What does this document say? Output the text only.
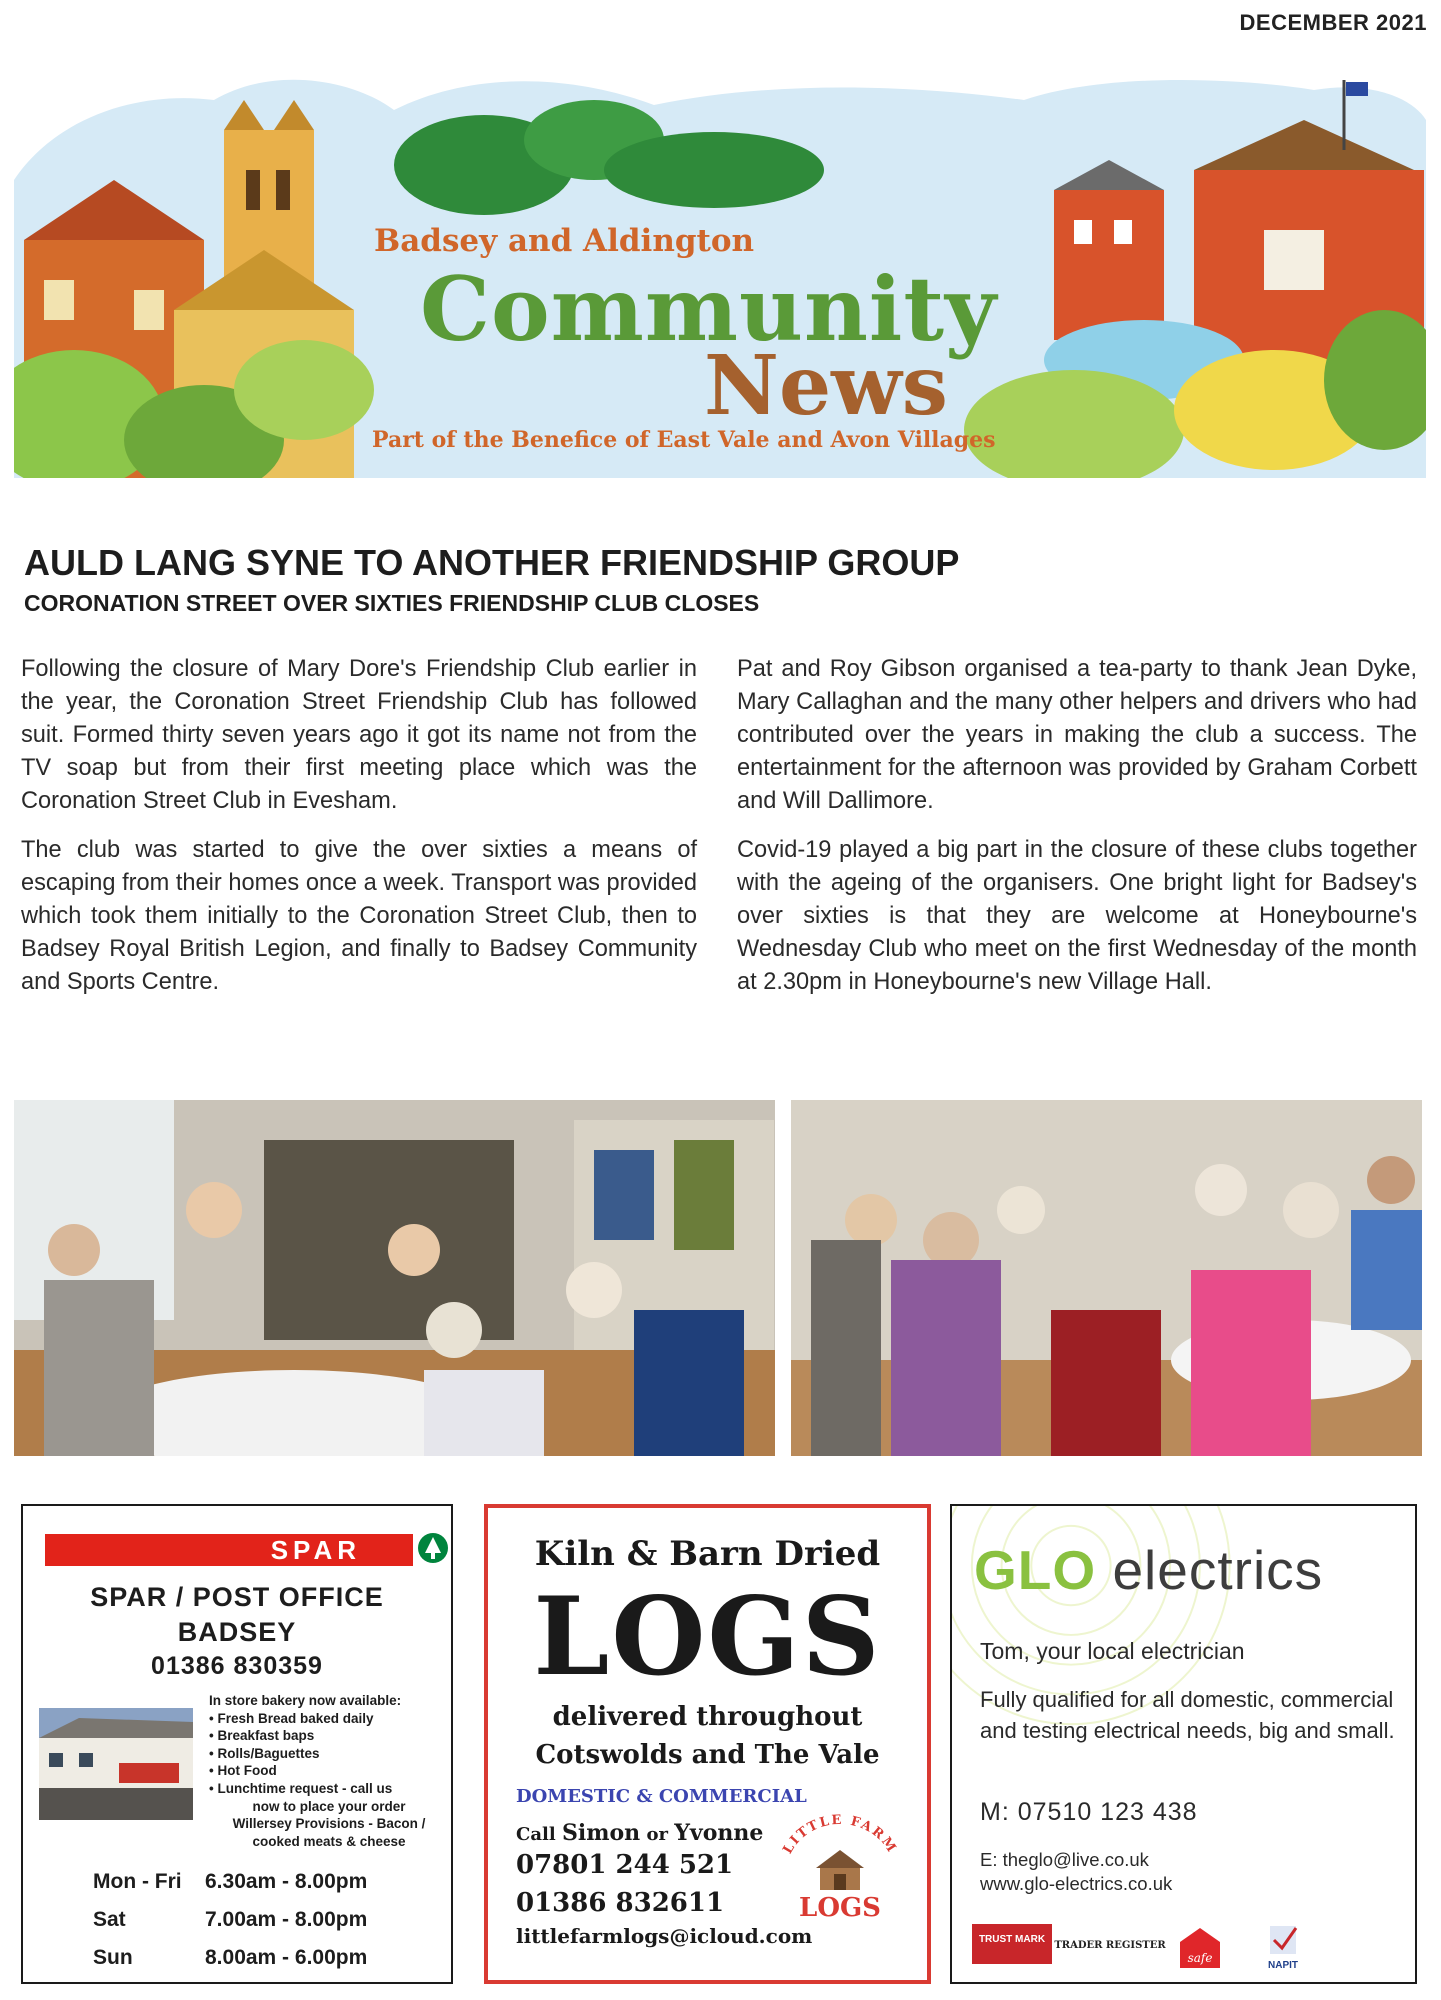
DECEMBER 2021
Badsey and Aldington
Community
News
Part of the Benefice of East Vale and Avon Villages
AULD LANG SYNE TO ANOTHER FRIENDSHIP GROUP
CORONATION STREET OVER SIXTIES FRIENDSHIP CLUB CLOSES

Following the closure of Mary Dore's Friendship Club earlier in the year, the Coronation Street Friendship Club has followed suit. Formed thirty seven years ago it got its name not from the TV soap but from their first meeting place which was the Coronation Street Club in Evesham.

The club was started to give the over sixties a means of escaping from their homes once a week. Transport was provided which took them initially to the Coronation Street Club, then to Badsey Royal British Legion, and finally to Badsey Community and Sports Centre.

Pat and Roy Gibson organised a tea-party to thank Jean Dyke, Mary Callaghan and the many other helpers and drivers who had contributed over the years in making the club a success. The entertainment for the afternoon was provided by Graham Corbett and Will Dallimore.

Covid-19 played a big part in the closure of these clubs together with the ageing of the organisers. One bright light for Badsey's over sixties is that they are welcome at Honeybourne's Wednesday Club who meet on the first Wednesday of the month at 2.30pm in Honeybourne's new Village Hall.

SPAR
SPAR / POST OFFICE
BADSEY
01386 830359
In store bakery now available:
• Fresh Bread baked daily
• Breakfast baps
• Rolls/Baguettes
• Hot Food
• Lunchtime request - call us
now to place your order
Willersey Provisions - Bacon /
cooked meats & cheese
Mon - Fri 6.30am - 8.00pm
Sat	7.00am - 8.00pm
Sun	8.00am - 6.00pm
Kiln & Barn Dried
LOGS
delivered throughout
Cotswolds and The Vale
DOMESTIC & COMMERCIAL
Call Simon or Yvonne
07801 244 521
01386 832611
littlefarmlogs@icloud.com
LITTLE FARM
LOGS
GLO electrics
Tom, your local electrician
Fully qualified for all domestic, commercial and testing electrical needs, big and small.
M: 07510 123 438
E: theglo@live.co.uk
www.glo-electrics.co.uk
TRUST MARK
TRADER REGISTER
safe
NAPIT
